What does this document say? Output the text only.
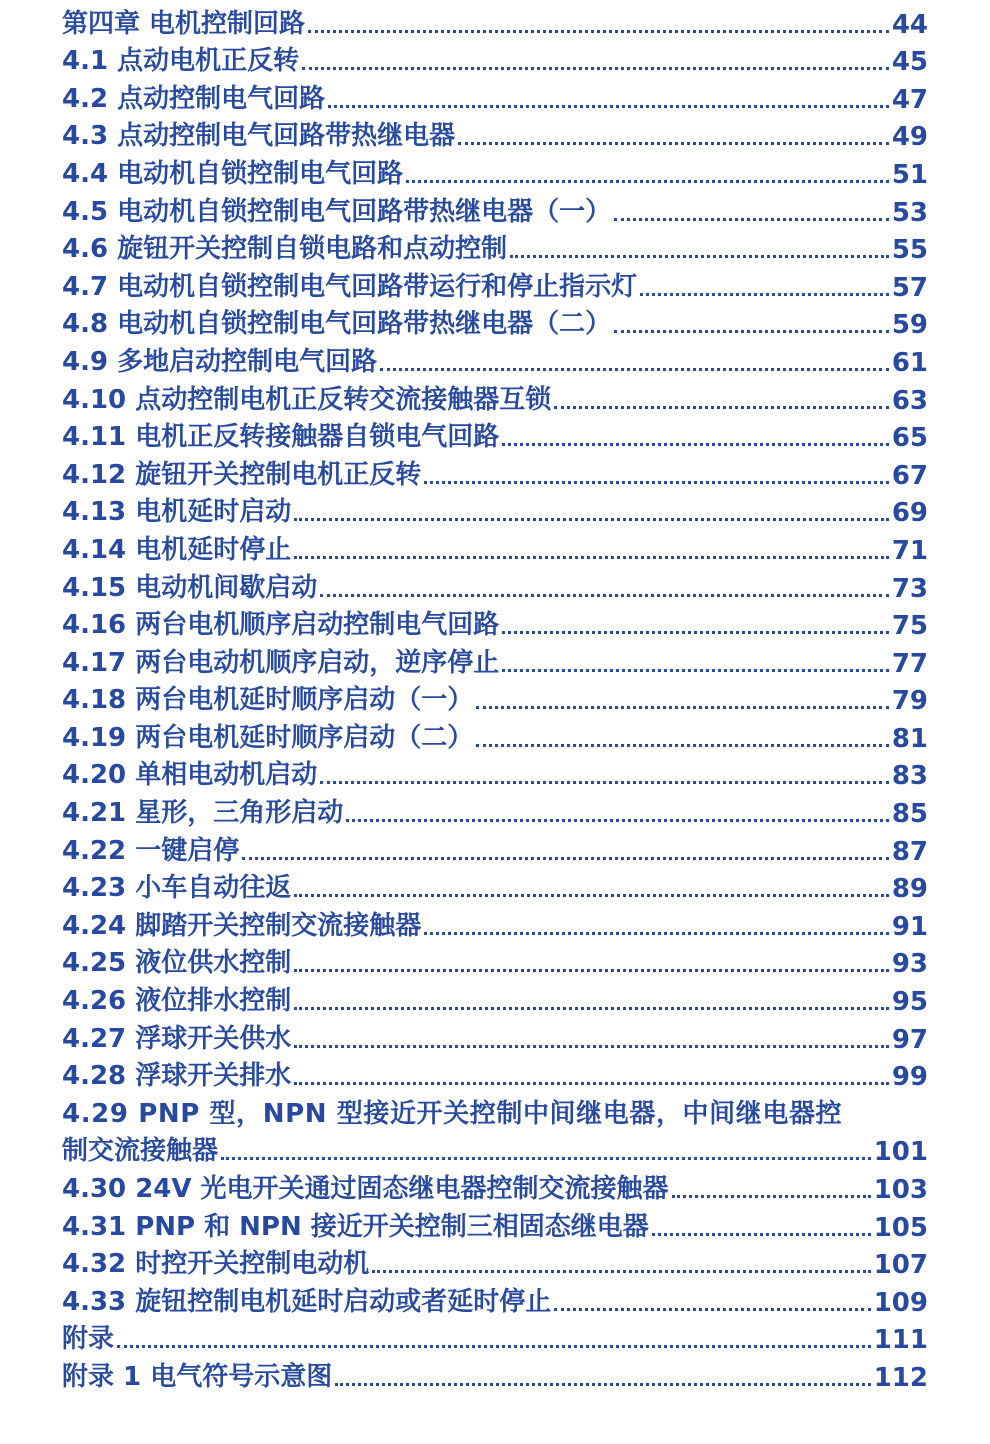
第四章 电机控制回路	44
4.1 点动电机正反转	45
4.2 点动控制电气回路	47
4.3 点动控制电气回路带热继电器	49
4.4 电动机自锁控制电气回路	51
4.5 电动机自锁控制电气回路带热继电器（一）	53
4.6 旋钮开关控制自锁电路和点动控制	55
4.7 电动机自锁控制电气回路带运行和停止指示灯	57
4.8 电动机自锁控制电气回路带热继电器（二）	59
4.9 多地启动控制电气回路	61
4.10 点动控制电机正反转交流接触器互锁	63
4.11 电机正反转接触器自锁电气回路	65
4.12 旋钮开关控制电机正反转	67
4.13 电机延时启动	69
4.14 电机延时停止	71
4.15 电动机间歇启动	73
4.16 两台电机顺序启动控制电气回路	75
4.17 两台电动机顺序启动，逆序停止	77
4.18 两台电机延时顺序启动（一）	79
4.19 两台电机延时顺序启动（二）	81
4.20 单相电动机启动	83
4.21 星形，三角形启动	85
4.22 一键启停	87
4.23 小车自动往返	89
4.24 脚踏开关控制交流接触器	91
4.25 液位供水控制	93
4.26 液位排水控制	95
4.27 浮球开关供水	97
4.28 浮球开关排水	99
4.29 PNP 型，NPN 型接近开关控制中间继电器，中间继电器控
制交流接触器	101
4.30 24V 光电开关通过固态继电器控制交流接触器	103
4.31 PNP 和 NPN 接近开关控制三相固态继电器	105
4.32 时控开关控制电动机	107
4.33 旋钮控制电机延时启动或者延时停止	109
附录	111
附录 1 电气符号示意图	112
